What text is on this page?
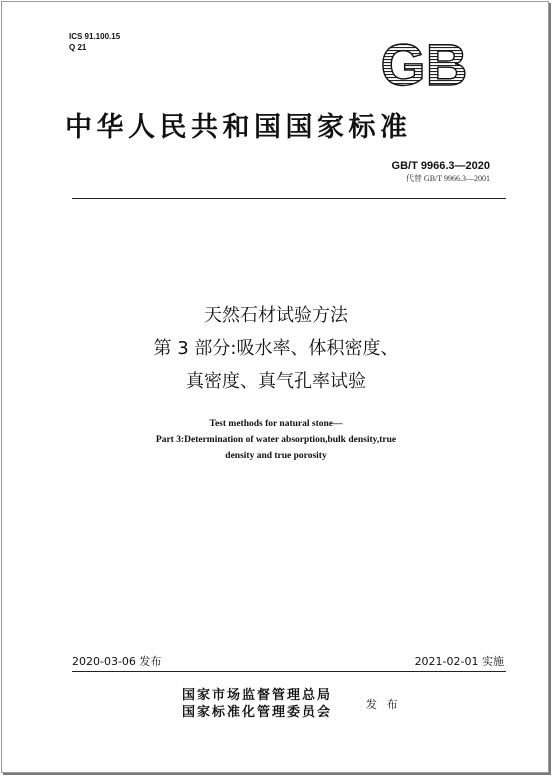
ICS 91.100.15
Q 21	GB
中华人民共和国国家标准
GB/T 9966.3—2020
代替 GB/T 9966.3—2001
天然石材试验方法
第 3 部分:吸水率、体积密度、
真密度、真气孔率试验
Test methods for natural stone—
Part 3:Determination of water absorption,bulk density,true
density and true porosity
2020-03-06 发布	2021-02-01 实施
国家市场监督管理总局
国家标准化管理委员会
发 布
